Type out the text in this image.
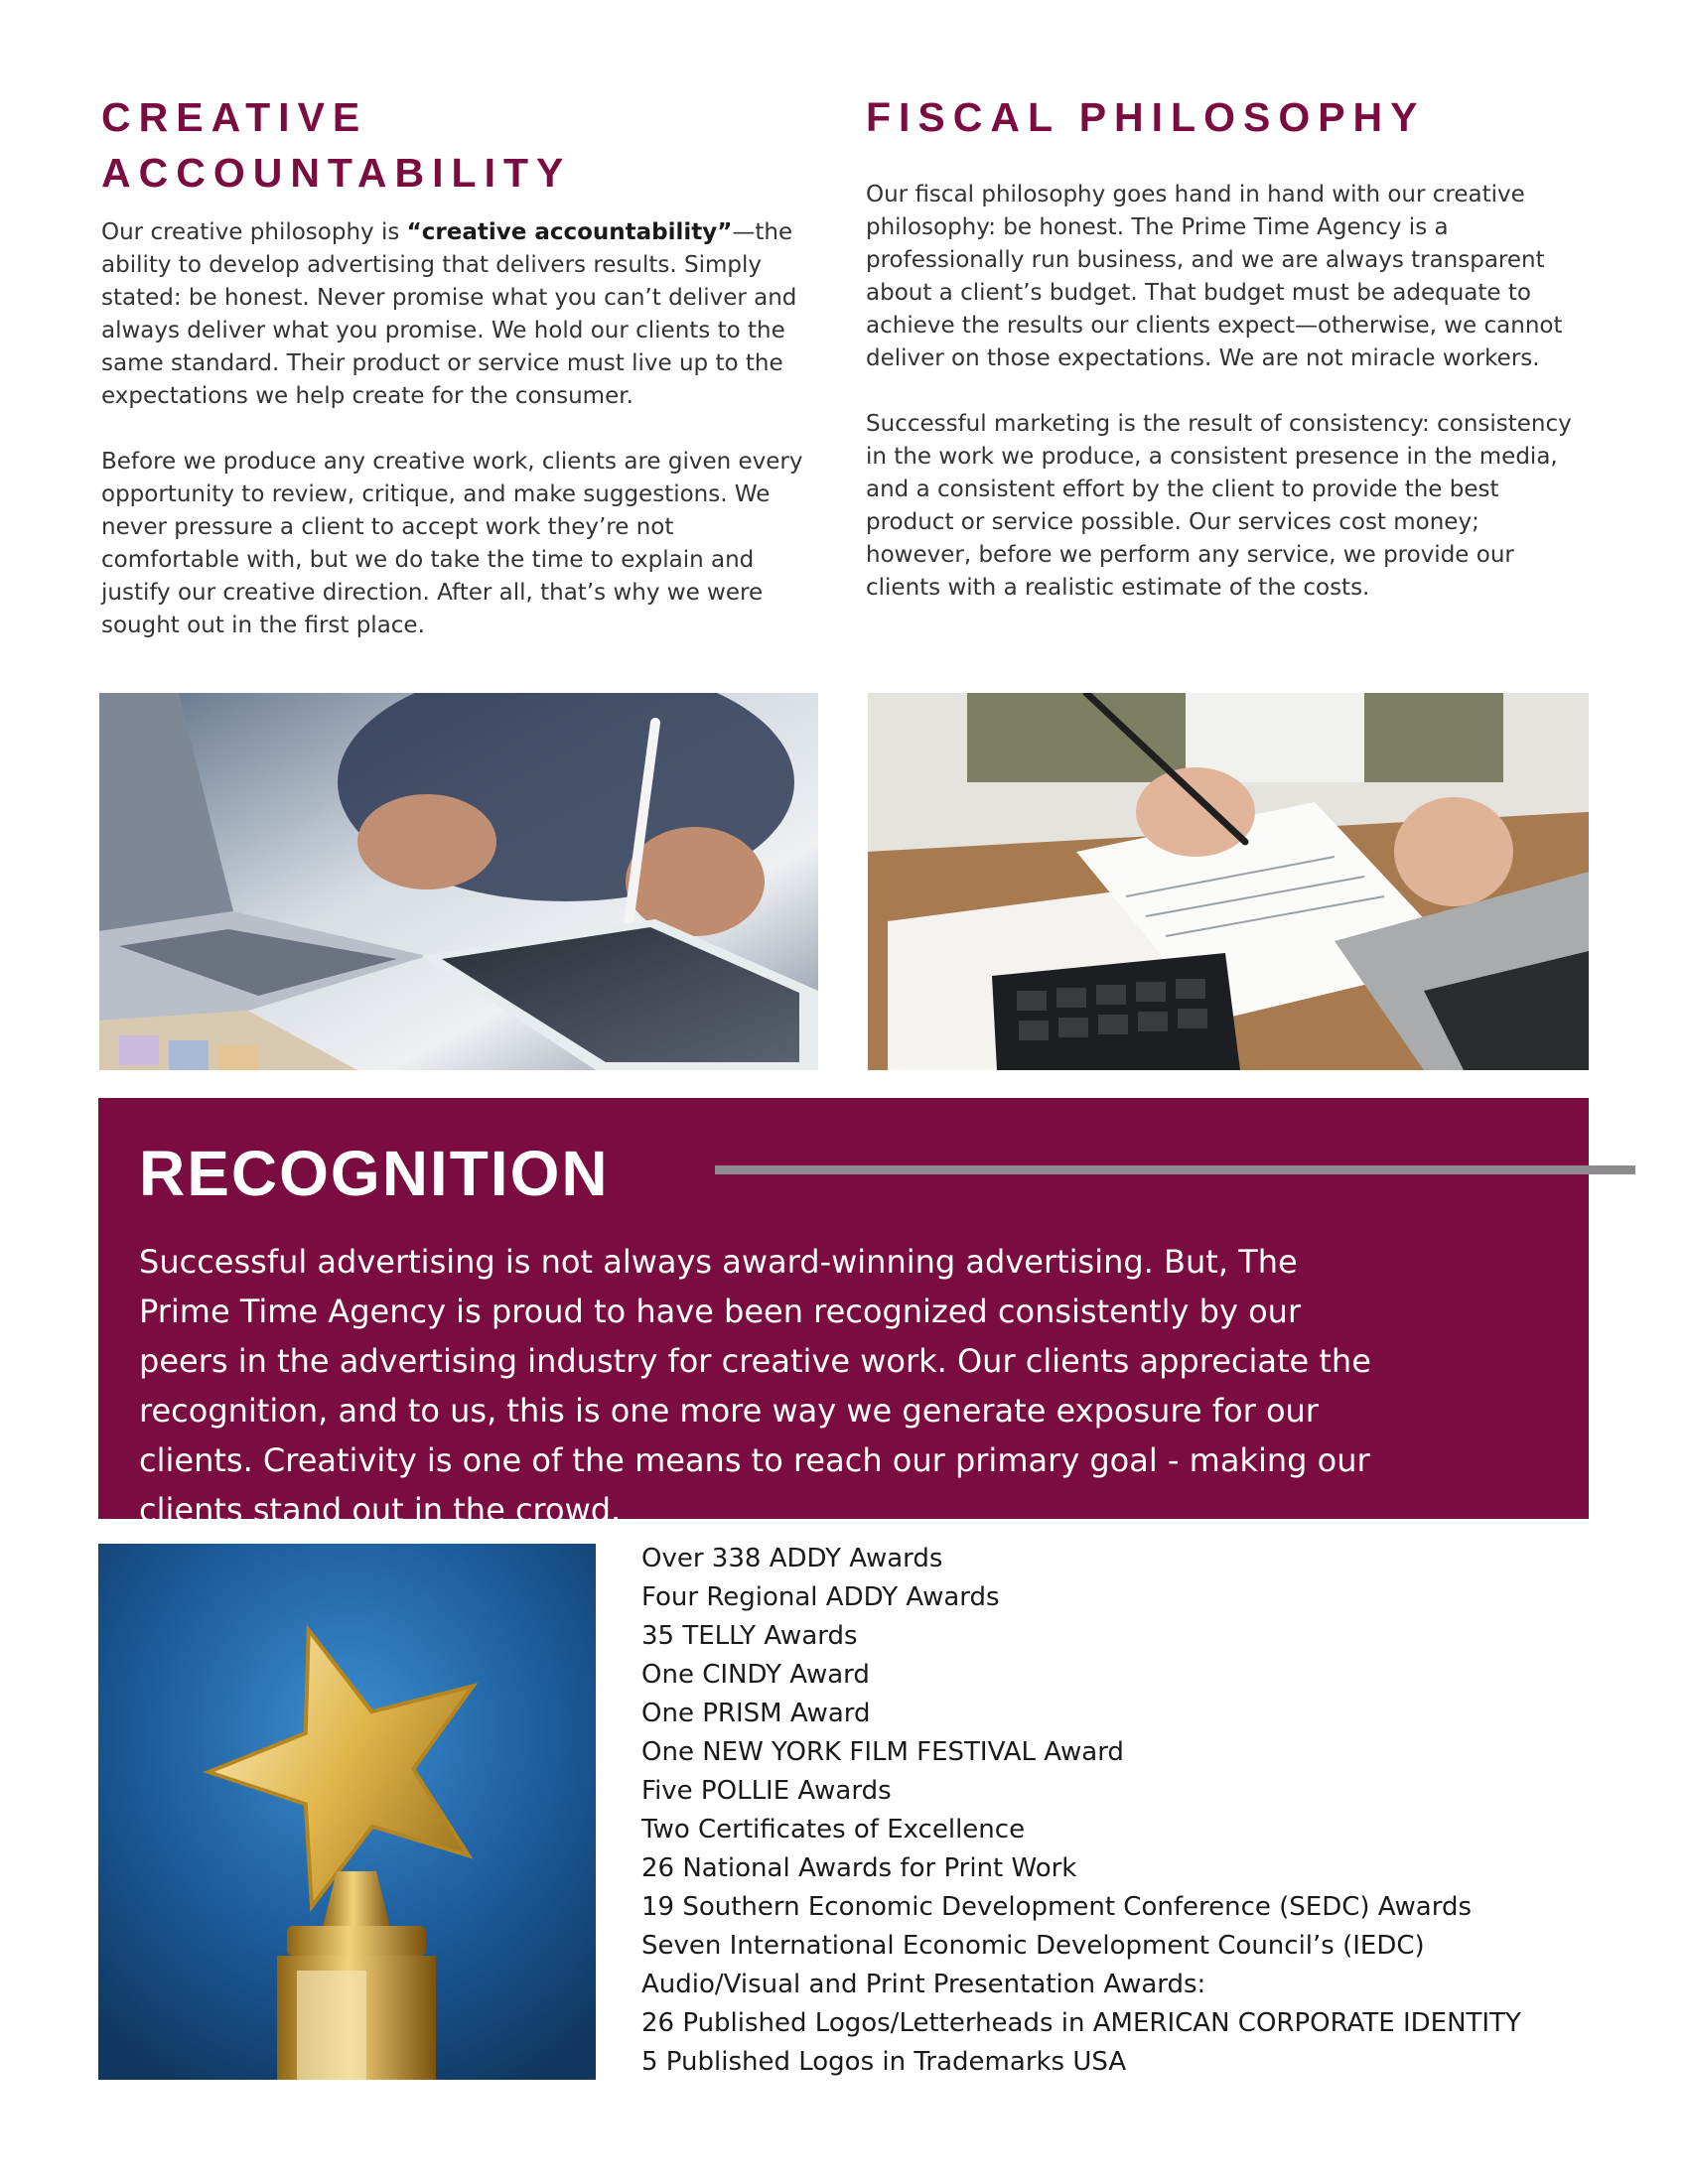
CREATIVE
ACCOUNTABILITY

Our creative philosophy is “creative accountability”—the ability to develop advertising that delivers results. Simply stated: be honest. Never promise what you can’t deliver and always deliver what you promise. We hold our clients to the same standard. Their product or service must live up to the expectations we help create for the consumer.

Before we produce any creative work, clients are given every opportunity to review, critique, and make suggestions. We never pressure a client to accept work they’re not comfortable with, but we do take the time to explain and justify our creative direction. After all, that’s why we were sought out in the first place.

FISCAL PHILOSOPHY

Our fiscal philosophy goes hand in hand with our creative philosophy: be honest. The Prime Time Agency is a professionally run business, and we are always transparent about a client’s budget. That budget must be adequate to achieve the results our clients expect—otherwise, we cannot deliver on those expectations. We are not miracle workers.

Successful marketing is the result of consistency: consistency in the work we produce, a consistent presence in the media, and a consistent effort by the client to provide the best product or service possible. Our services cost money; however, before we perform any service, we provide our clients with a realistic estimate of the costs.

RECOGNITION

Successful advertising is not always award-winning advertising. But, The Prime Time Agency is proud to have been recognized consistently by our peers in the advertising industry for creative work. Our clients appreciate the recognition, and to us, this is one more way we generate exposure for our clients. Creativity is one of the means to reach our primary goal - making our clients stand out in the crowd.

Over 338 ADDY Awards
Four Regional ADDY Awards
35 TELLY Awards
One CINDY Award
One PRISM Award
One NEW YORK FILM FESTIVAL Award
Five POLLIE Awards
Two Certificates of Excellence
26 National Awards for Print Work
19 Southern Economic Development Conference (SEDC) Awards
Seven International Economic Development Council’s (IEDC)
Audio/Visual and Print Presentation Awards:
26 Published Logos/Letterheads in AMERICAN CORPORATE IDENTITY
5 Published Logos in Trademarks USA
